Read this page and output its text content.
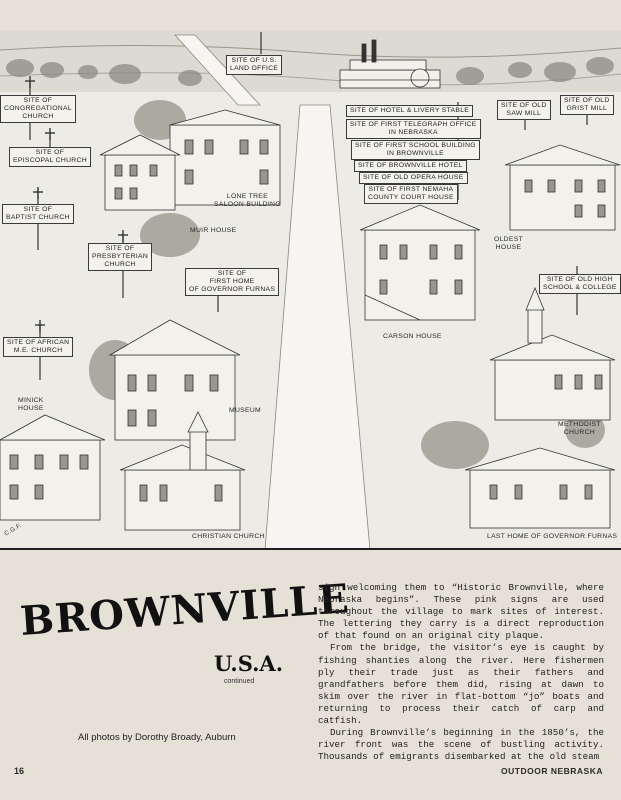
SITE OF U.S.
LAND OFFICE
SITE OF
CONGREGATIONAL
CHURCH
SITE OF
EPISCOPAL CHURCH
SITE OF
BAPTIST CHURCH
SITE OF
PRESBYTERIAN
CHURCH
SITE OF
FIRST HOME
OF GOVERNOR FURNAS
SITE OF AFRICAN
M.E. CHURCH
SITE OF HOTEL & LIVERY STABLE
SITE OF FIRST TELEGRAPH OFFICE
IN NEBRASKA
SITE OF FIRST SCHOOL BUILDING
IN BROWNVILLE
SITE OF BROWNVILLE HOTEL
SITE OF OLD OPERA HOUSE
SITE OF FIRST NEMAHA
COUNTY COURT HOUSE
SITE OF OLD
SAW MILL
SITE OF OLD
GRIST MILL
SITE OF OLD HIGH
SCHOOL & COLLEGE
LONE TREE
SALOON BUILDING
MUIR HOUSE
OLDEST
HOUSE
CARSON HOUSE
MINICK
HOUSE	MUSEUM
METHODIST
CHURCH
CHRISTIAN CHURCH	LAST HOME OF GOVERNOR FURNAS
C.G.F.
BROWNVILLE
U.S.A.
continued
All photos by Dorothy Broady, Auburn

sign welcoming them to “Historic Brownville, where Nebraska begins”. These pink signs are used throughout the village to mark sites of interest. The lettering they carry is a direct reproduction of that found on an original city plaque.

From the bridge, the visitor’s eye is caught by fishing shanties along the river. Here fishermen ply their trade just as their fathers and grandfathers before them did, rising at dawn to skim over the river in flat-bottom “jo” boats and returning to process their catch of carp and catfish.

During Brownville’s beginning in the 1850’s, the river front was the scene of bustling activity. Thousands of emigrants disembarked at the old steam

16	OUTDOOR NEBRASKA
